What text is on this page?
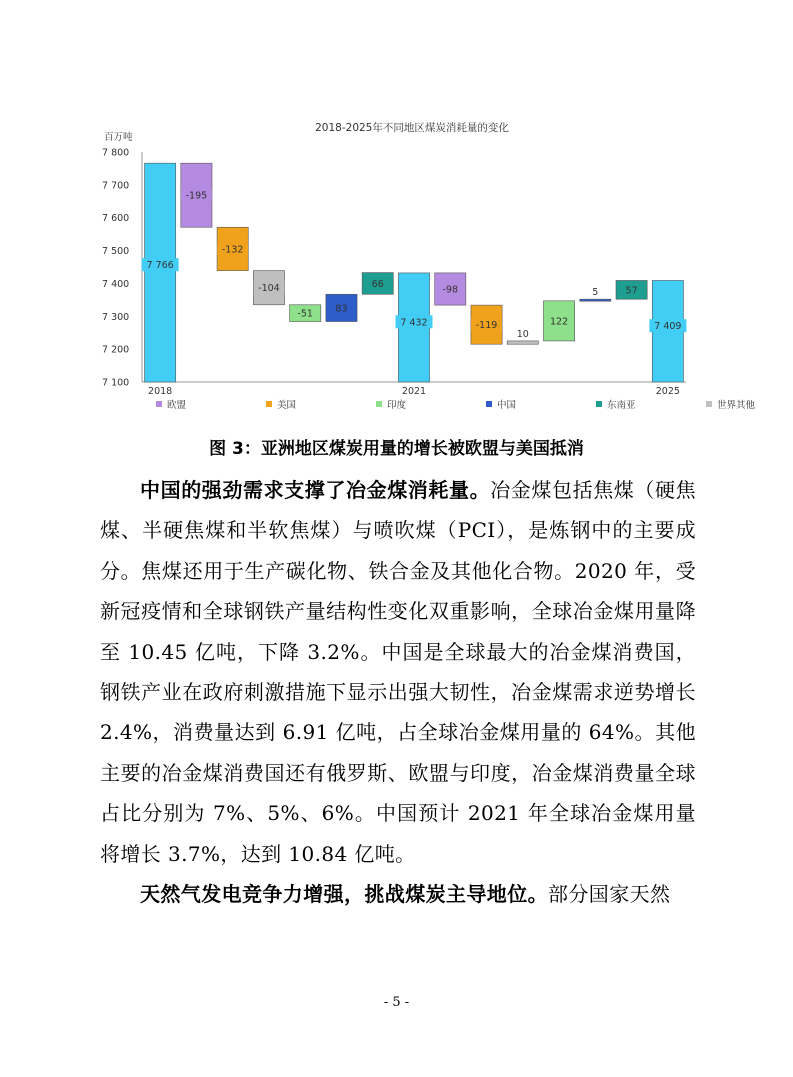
2018-2025年不同地区煤炭消耗量的变化
百万吨
7 800
7 700
7 600
7 500
7 400
7 300
7 200
7 100
7 766
2018
-195
-132
-104
-51 83
66
7 432
2021
-98
-119
10
122
5	57
7 409
2025
欧盟	美国	印度	中国	东南亚	世界其他
图 3：亚洲地区煤炭用量的增长被欧盟与美国抵消

中国的强劲需求支撑了冶金煤消耗量。冶金煤包括焦煤（硬焦煤、半硬焦煤和半软焦煤）与喷吹煤（PCI），是炼钢中的主要成分。焦煤还用于生产碳化物、铁合金及其他化合物。2020 年，受新冠疫情和全球钢铁产量结构性变化双重影响，全球冶金煤用量降至 10.45 亿吨，下降 3.2%。中国是全球最大的冶金煤消费国，钢铁产业在政府刺激措施下显示出强大韧性，冶金煤需求逆势增长 2.4%，消费量达到 6.91 亿吨，占全球冶金煤用量的 64%。其他主要的冶金煤消费国还有俄罗斯、欧盟与印度，冶金煤消费量全球占比分别为 7%、5%、6%。中国预计 2021 年全球冶金煤用量将增长 3.7%，达到 10.84 亿吨。

天然气发电竞争力增强，挑战煤炭主导地位。部分国家天然

- 5 -
